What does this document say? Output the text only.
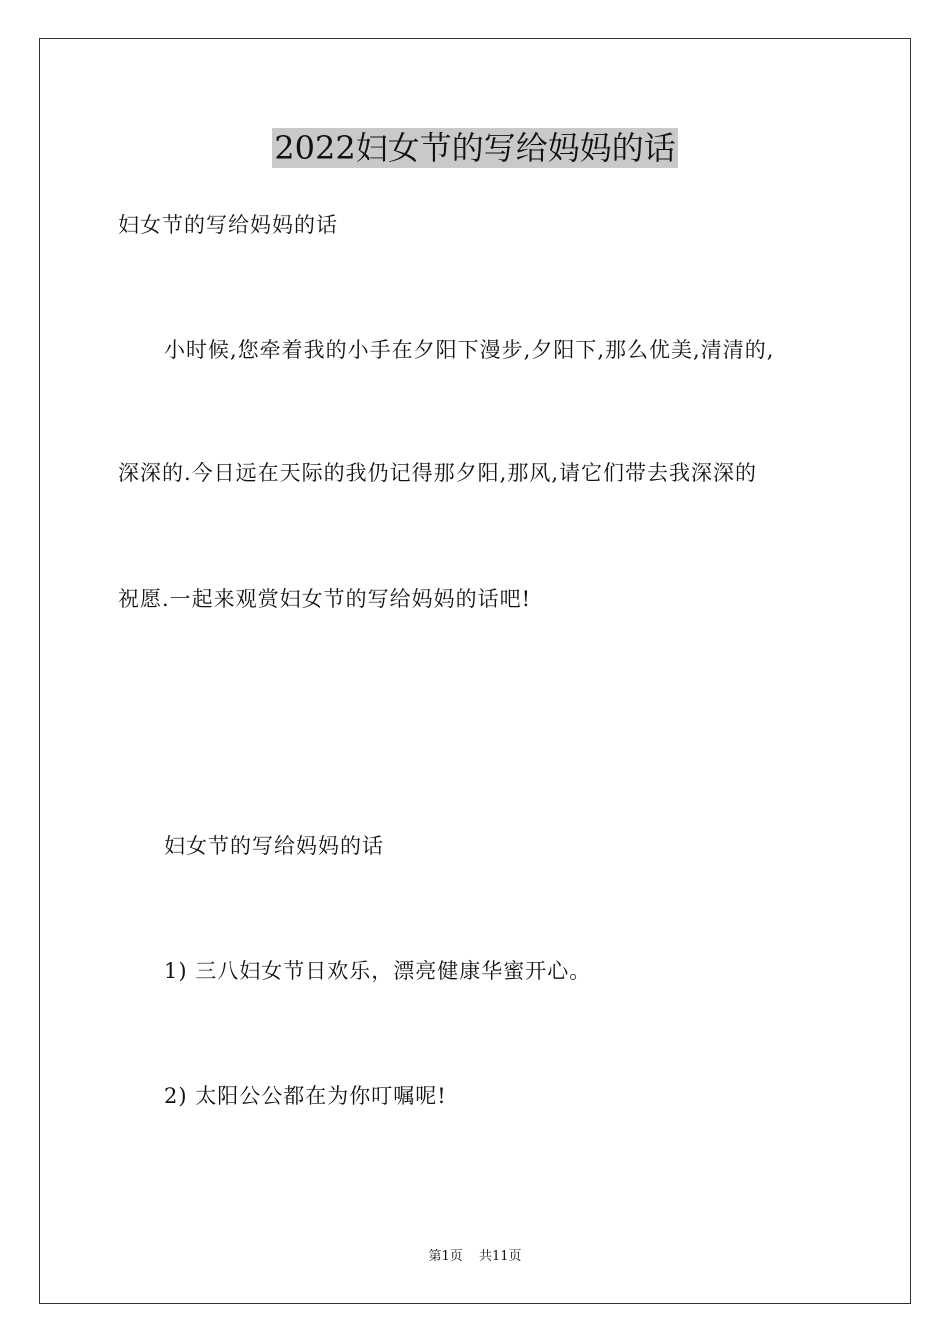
2022妇女节的写给妈妈的话
妇女节的写给妈妈的话
小时候,您牵着我的小手在夕阳下漫步,夕阳下,那么优美,清清的,
深深的.今日远在天际的我仍记得那夕阳,那风,请它们带去我深深的
祝愿.一起来观赏妇女节的写给妈妈的话吧!
妇女节的写给妈妈的话
1) 三八妇女节日欢乐，漂亮健康华蜜开心。
2) 太阳公公都在为你叮嘱呢!
第1页 共11页
